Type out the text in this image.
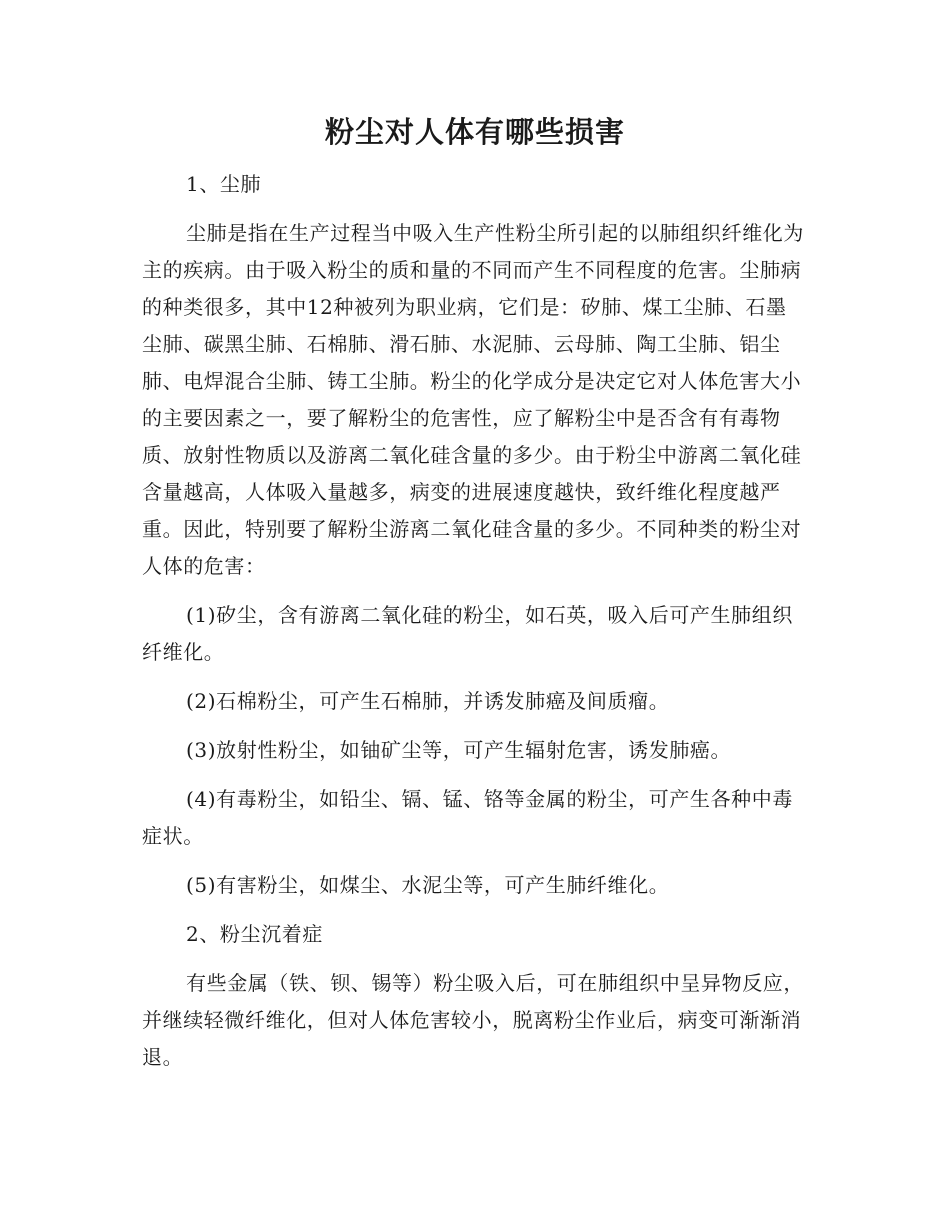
粉尘对人体有哪些损害

1、尘肺

尘肺是指在生产过程当中吸入生产性粉尘所引起的以肺组织纤维化为主的疾病。由于吸入粉尘的质和量的不同而产生不同程度的危害。尘肺病的种类很多，其中12种被列为职业病，它们是：矽肺、煤工尘肺、石墨尘肺、碳黑尘肺、石棉肺、滑石肺、水泥肺、云母肺、陶工尘肺、铝尘肺、电焊混合尘肺、铸工尘肺。粉尘的化学成分是决定它对人体危害大小的主要因素之一，要了解粉尘的危害性，应了解粉尘中是否含有有毒物质、放射性物质以及游离二氧化硅含量的多少。由于粉尘中游离二氧化硅含量越高，人体吸入量越多，病变的进展速度越快，致纤维化程度越严重。因此，特别要了解粉尘游离二氧化硅含量的多少。不同种类的粉尘对人体的危害：

(1)矽尘，含有游离二氧化硅的粉尘，如石英，吸入后可产生肺组织纤维化。

(2)石棉粉尘，可产生石棉肺，并诱发肺癌及间质瘤。

(3)放射性粉尘，如铀矿尘等，可产生辐射危害，诱发肺癌。

(4)有毒粉尘，如铅尘、镉、锰、铬等金属的粉尘，可产生各种中毒症状。

(5)有害粉尘，如煤尘、水泥尘等，可产生肺纤维化。

2、粉尘沉着症

有些金属（铁、钡、锡等）粉尘吸入后，可在肺组织中呈异物反应，并继续轻微纤维化，但对人体危害较小，脱离粉尘作业后，病变可渐渐消退。
